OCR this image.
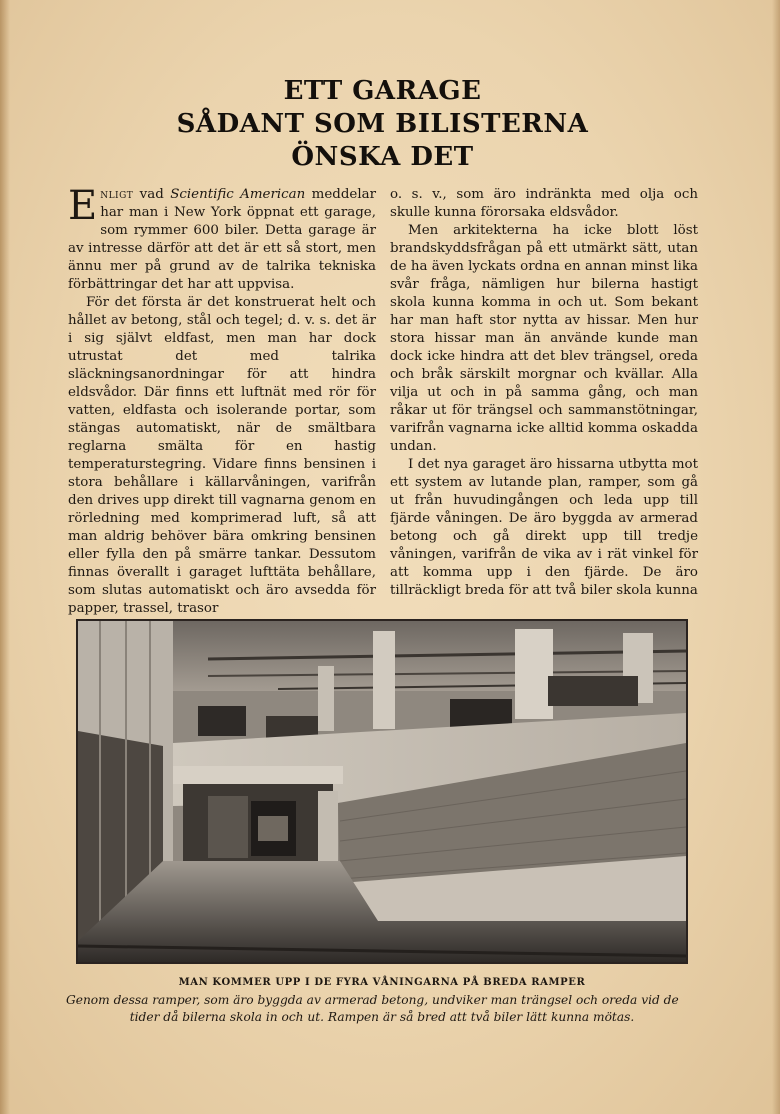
ETT GARAGE
SÅDANT SOM BILISTERNA
ÖNSKA DET

Enligt vad Scientific American meddelar har man i New York öppnat ett garage, som rymmer 600 biler. Detta garage är av intresse därför att det är ett så stort, men ännu mer på grund av de talrika tekniska förbättringar det har att uppvisa.

För det första är det konstruerat helt och hållet av betong, stål och tegel; d. v. s. det är i sig självt eldfast, men man har dock utrustat det med talrika släckningsanordningar för att hindra eldsvådor. Där finns ett luftnät med rör för vatten, eldfasta och isolerande portar, som stängas automatiskt, när de smältbara reglarna smälta för en hastig temperaturstegring. Vidare finns bensinen i stora behållare i källarvåningen, varifrån den drives upp direkt till vagnarna genom en rörledning med komprimerad luft, så att man aldrig behöver bära omkring bensinen eller fylla den på smärre tankar. Dessutom finnas överallt i garaget lufttäta behållare, som slutas automatiskt och äro avsedda för papper, trassel, trasor

o. s. v., som äro indränkta med olja och skulle kunna förorsaka eldsvådor.

Men arkitekterna ha icke blott löst brandskyddsfrågan på ett utmärkt sätt, utan de ha även lyckats ordna en annan minst lika svår fråga, nämligen hur bilerna hastigt skola kunna komma in och ut. Som bekant har man haft stor nytta av hissar. Men hur stora hissar man än använde kunde man dock icke hindra att det blev trängsel, oreda och bråk särskilt morgnar och kvällar. Alla vilja ut och in på samma gång, och man råkar ut för trängsel och sammanstötningar, varifrån vagnarna icke alltid komma oskadda undan.

I det nya garaget äro hissarna utbytta mot ett system av lutande plan, ramper, som gå ut från huvudingången och leda upp till fjärde våningen. De äro byggda av armerad betong och gå direkt upp till tredje våningen, varifrån de vika av i rät vinkel för att komma upp i den fjärde. De äro tillräckligt breda för att två biler skola kunna

MAN KOMMER UPP I DE FYRA VÅNINGARNA PÅ BREDA RAMPER
Genom dessa ramper, som äro byggda av armerad betong, undviker man trängsel och oreda vid de
tider då bilerna skola in och ut. Rampen är så bred att två biler lätt kunna mötas.
